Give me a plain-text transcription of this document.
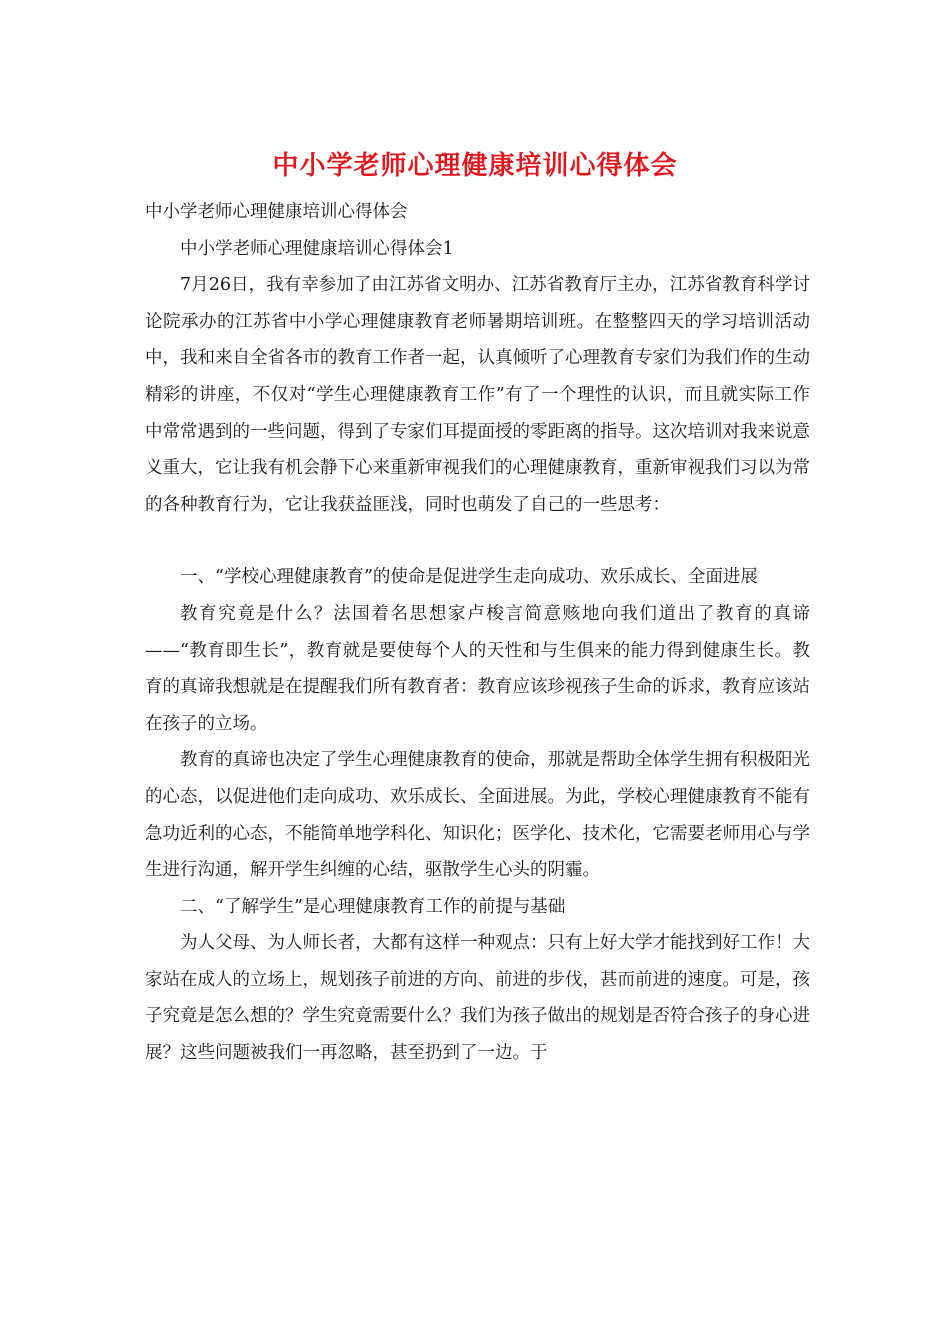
中小学老师心理健康培训心得体会

中小学老师心理健康培训心得体会

中小学老师心理健康培训心得体会1

7月26日，我有幸参加了由江苏省文明办、江苏省教育厅主办，江苏省教育科学讨论院承办的江苏省中小学心理健康教育老师暑期培训班。在整整四天的学习培训活动中，我和来自全省各市的教育工作者一起，认真倾听了心理教育专家们为我们作的生动精彩的讲座，不仅对“学生心理健康教育工作”有了一个理性的认识，而且就实际工作中常常遇到的一些问题，得到了专家们耳提面授的零距离的指导。这次培训对我来说意义重大，它让我有机会静下心来重新审视我们的心理健康教育，重新审视我们习以为常的各种教育行为，它让我获益匪浅，同时也萌发了自己的一些思考：

一、“学校心理健康教育”的使命是促进学生走向成功、欢乐成长、全面进展

教育究竟是什么？法国着名思想家卢梭言简意赅地向我们道出了教育的真谛——“教育即生长”，教育就是要使每个人的天性和与生俱来的能力得到健康生长。教育的真谛我想就是在提醒我们所有教育者：教育应该珍视孩子生命的诉求，教育应该站在孩子的立场。

教育的真谛也决定了学生心理健康教育的使命，那就是帮助全体学生拥有积极阳光的心态，以促进他们走向成功、欢乐成长、全面进展。为此，学校心理健康教育不能有急功近利的心态，不能简单地学科化、知识化；医学化、技术化，它需要老师用心与学生进行沟通，解开学生纠缠的心结，驱散学生心头的阴霾。

二、“了解学生”是心理健康教育工作的前提与基础

为人父母、为人师长者，大都有这样一种观点：只有上好大学才能找到好工作！大家站在成人的立场上，规划孩子前进的方向、前进的步伐，甚而前进的速度。可是，孩子究竟是怎么想的？学生究竟需要什么？我们为孩子做出的规划是否符合孩子的身心进展？这些问题被我们一再忽略，甚至扔到了一边。于
